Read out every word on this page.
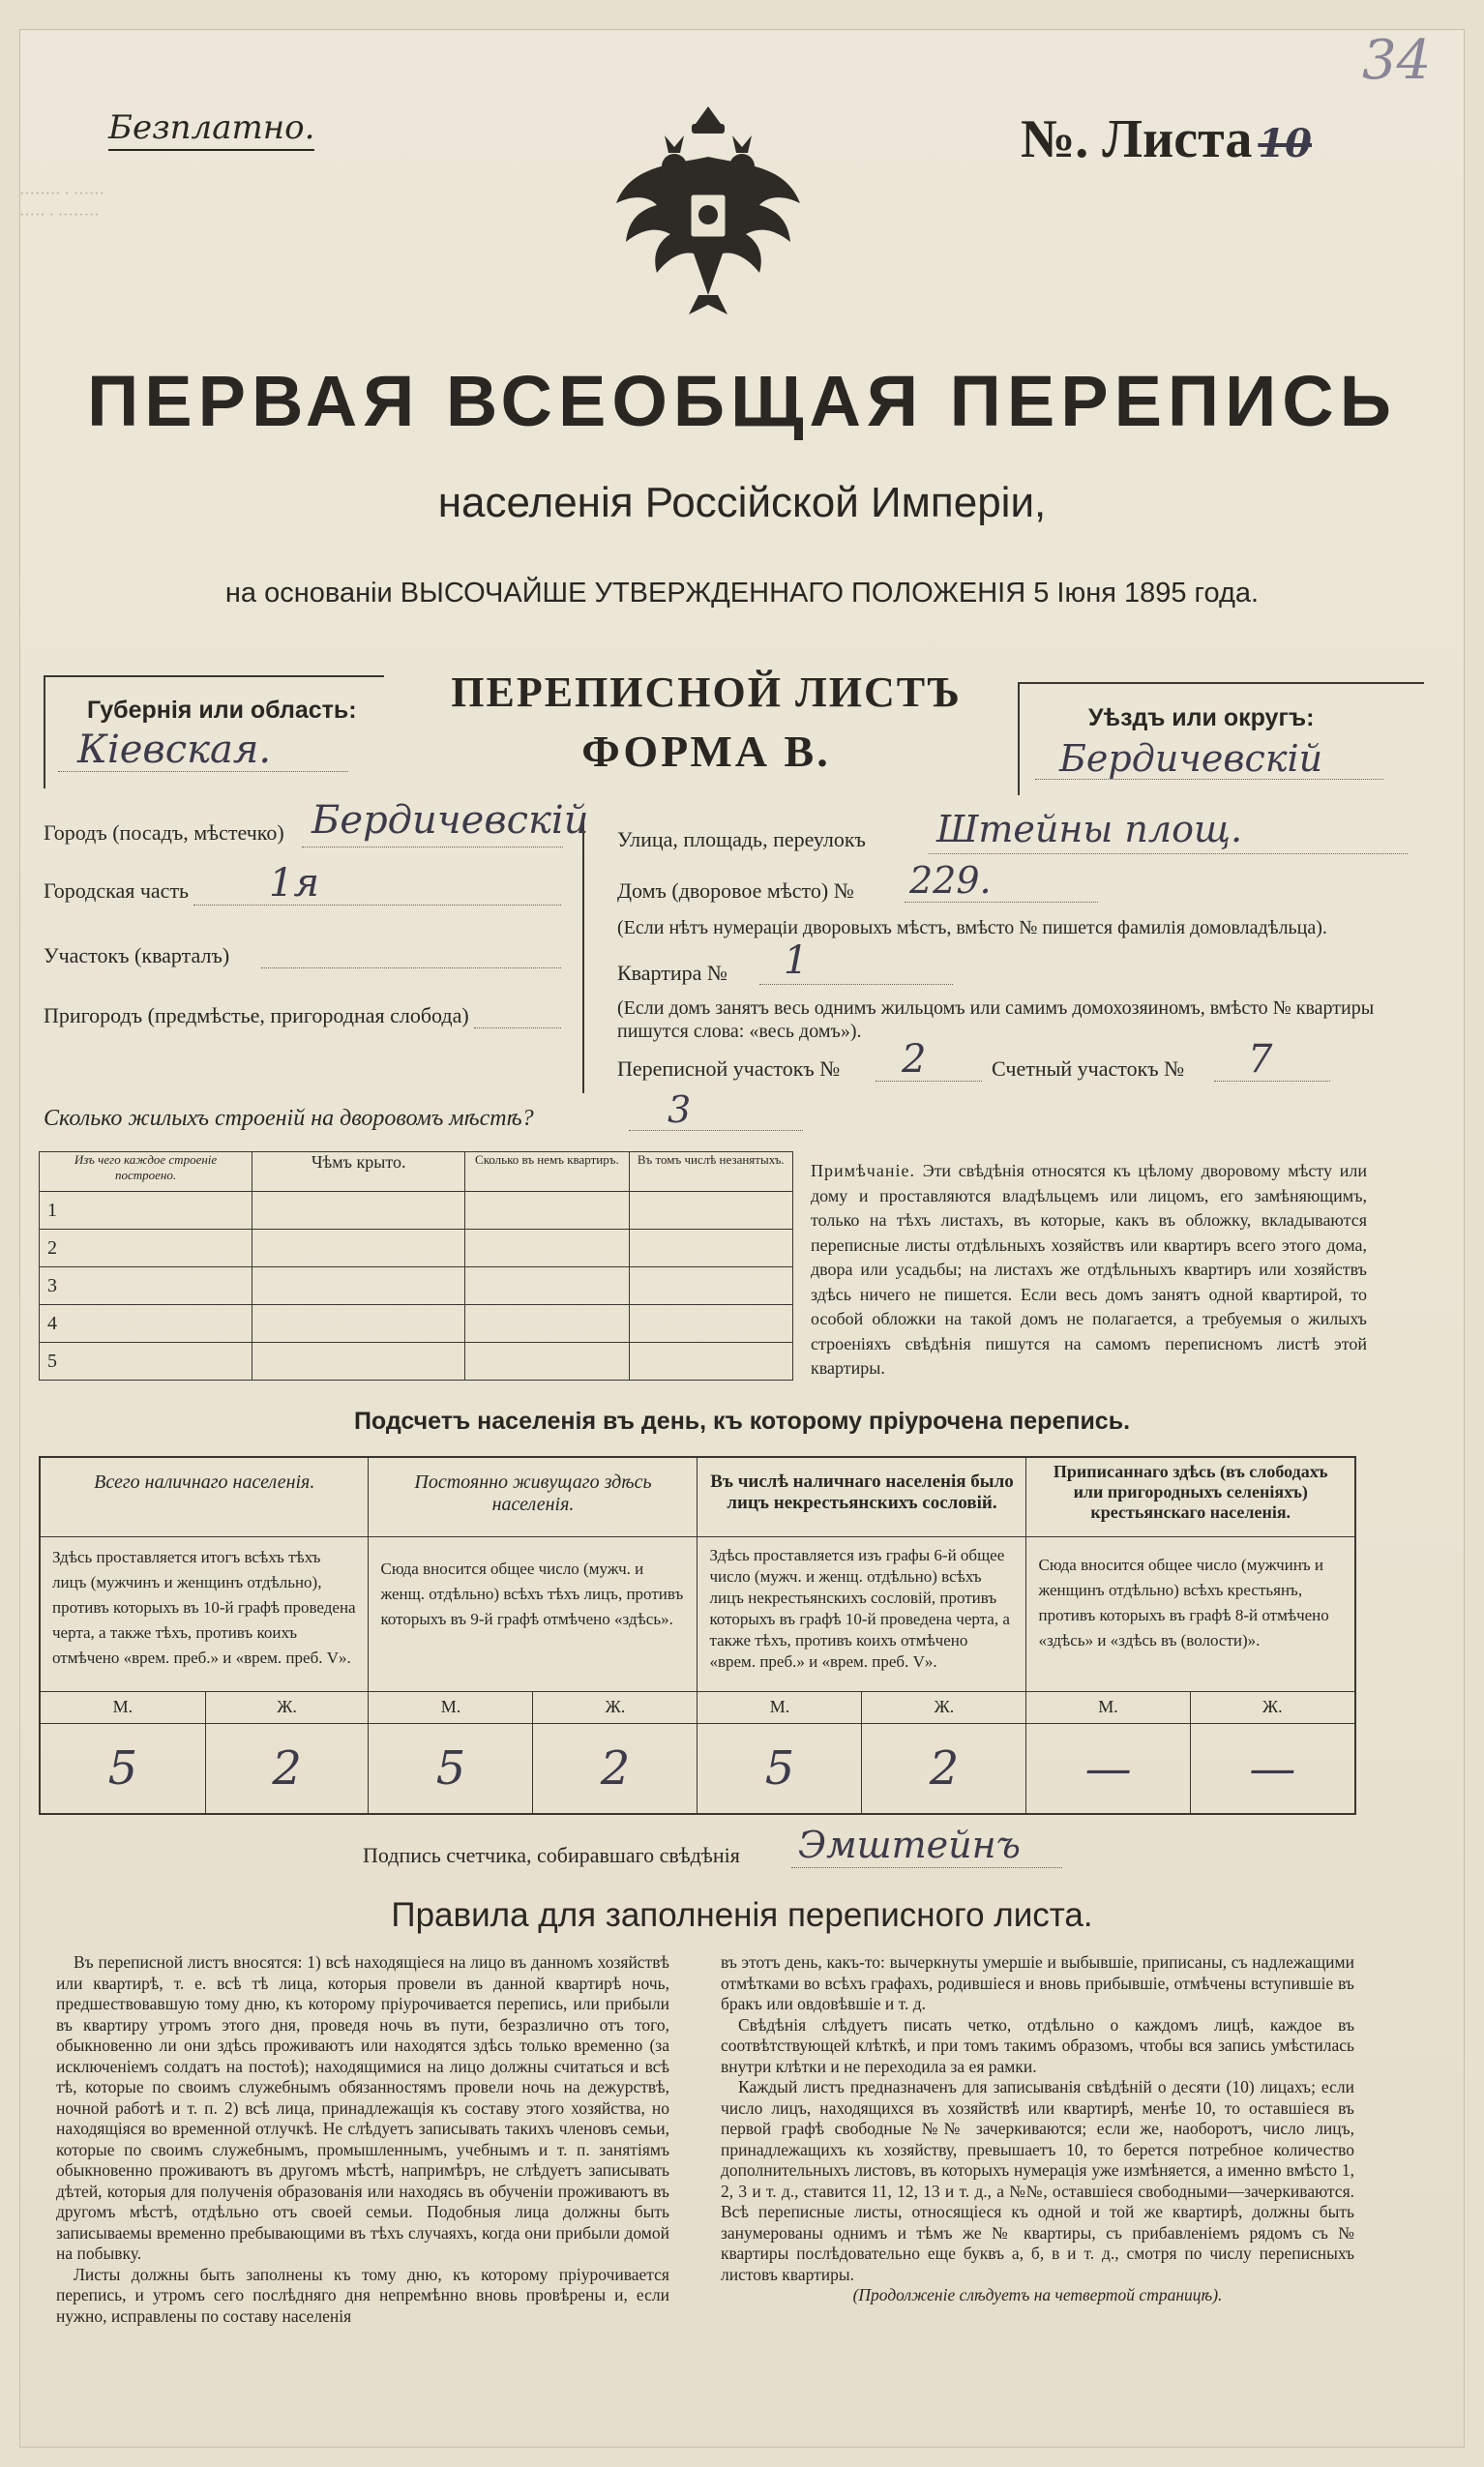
34
········ · ······
····· · ········
Безплатно.	№. Листа 10
ПЕРВАЯ ВСЕОБЩАЯ ПЕРЕПИСЬ
населенія Россійской Имперіи,
на основаніи ВЫСОЧАЙШЕ УТВЕРЖДЕННАГО ПОЛОЖЕНІЯ 5 Іюня 1895 года.
Губернія или область:
Кіевская.
ПЕРЕПИСНОЙ ЛИСТЪ
ФОРМА В.
Уѣздъ или округъ:
Бердичевскій
Городъ (посадъ, мѣстечко) Бердичевскій
Городская часть 1я
Участокъ (кварталъ)
Пригородъ (предмѣстье, пригородная слобода)
Улица, площадь, переулокъ Штейны площ.
Домъ (дворовое мѣсто) № 229.
(Если нѣтъ нумераціи дворовыхъ мѣстъ, вмѣсто № пишется фамилія домовладѣльца).
Квартира № 1
(Если домъ занятъ весь однимъ жильцомъ или самимъ домохозяиномъ, вмѣсто № квартиры пишутся слова: «весь домъ»).
Переписной участокъ № 2	Счетный участокъ № 7
Сколько жилыхъ строеній на дворовомъ мѣстѣ?	3
Изъ чего каждое строеніе построено.	Чѣмъ крыто.	Сколько въ немъ квартиръ.	Въ томъ числѣ незанятыхъ.
1			
2			
3			
4			
5			
Примѣчаніе. Эти свѣдѣнія относятся къ цѣлому дворовому мѣсту или дому и проставляются владѣльцемъ или лицомъ, его замѣняющимъ, только на тѣхъ листахъ, въ которые, какъ въ обложку, вкладываются переписные листы отдѣльныхъ хозяйствъ или квартиръ всего этого дома, двора или усадьбы; на листахъ же отдѣльныхъ квартиръ или хозяйствъ здѣсь ничего не пишется. Если весь домъ занятъ одной квартирой, то особой обложки на такой домъ не полагается, а требуемыя о жилыхъ строеніяхъ свѣдѣнія пишутся на самомъ переписномъ листѣ этой квартиры.
Подсчетъ населенія въ день, къ которому пріурочена перепись.
Всего наличнаго населенія.		Постоянно живущаго здѣсь населенія.		Въ числѣ наличнаго населенія было лицъ некрестьянскихъ сословій.		Приписаннаго здѣсь (въ слободахъ или пригородныхъ селеніяхъ) крестьянскаго населенія.	
Здѣсь проставляется итогъ всѣхъ тѣхъ лицъ (мужчинъ и женщинъ отдѣльно), противъ которыхъ въ 10-й графѣ проведена черта, а также тѣхъ, противъ коихъ отмѣчено «врем. преб.» и «врем. преб. V».		Сюда вносится общее число (мужч. и женщ. отдѣльно) всѣхъ тѣхъ лицъ, противъ которыхъ въ 9-й графѣ отмѣчено «здѣсь».		Здѣсь проставляется изъ графы 6-й общее число (мужч. и женщ. отдѣльно) всѣхъ лицъ некрестьянскихъ сословій, противъ которыхъ въ графѣ 10-й проведена черта, а также тѣхъ, противъ коихъ отмѣчено «врем. преб.» и «врем. преб. V».		Сюда вносится общее число (мужчинъ и женщинъ отдѣльно) всѣхъ крестьянъ, противъ которыхъ въ графѣ 8-й отмѣчено «здѣсь» и «здѣсь въ (волости)».	
М.	Ж.	М.	Ж.	М.	Ж.	М.	Ж.
5	2	5	2	5	2	—	—
Подпись счетчика, собиравшаго свѣдѣнія Эмштейнъ
Правила для заполненія переписного листа.
Въ переписной листъ вносятся: 1) всѣ находящіеся на лицо въ данномъ хозяйствѣ или квартирѣ, т. е. всѣ тѣ лица, которыя провели въ данной квартирѣ ночь, предшествовавшую тому дню, къ которому пріурочивается перепись, или прибыли въ квартиру утромъ этого дня, проведя ночь въ пути, безразлично отъ того, обыкновенно ли они здѣсь проживаютъ или находятся здѣсь только временно (за исключеніемъ солдатъ на постоѣ); находящимися на лицо должны считаться и всѣ тѣ, которые по своимъ служебнымъ обязанностямъ провели ночь на дежурствѣ, ночной работѣ и т. п. 2) всѣ лица, принадлежащія къ составу этого хозяйства, но находящіяся во временной отлучкѣ. Не слѣдуетъ записывать такихъ членовъ семьи, которые по своимъ служебнымъ, промышленнымъ, учебнымъ и т. п. занятіямъ обыкновенно проживаютъ въ другомъ мѣстѣ, напримѣръ, не слѣдуетъ записывать дѣтей, которыя для полученія образованія или находясь въ обученіи проживаютъ въ другомъ мѣстѣ, отдѣльно отъ своей семьи. Подобныя лица должны быть записываемы временно пребывающими въ тѣхъ случаяхъ, когда они прибыли домой на побывку.
Листы должны быть заполнены къ тому дню, къ которому пріурочивается перепись, и утромъ сего послѣдняго дня непремѣнно вновь провѣрены и, если нужно, исправлены по составу населенія
въ этотъ день, какъ-то: вычеркнуты умершіе и выбывшіе, приписаны, съ надлежащими отмѣтками во всѣхъ графахъ, родившіеся и вновь прибывшіе, отмѣчены вступившіе въ бракъ или овдовѣвшіе и т. д.
Свѣдѣнія слѣдуетъ писать четко, отдѣльно о каждомъ лицѣ, каждое въ соотвѣтствующей клѣткѣ, и при томъ такимъ образомъ, чтобы вся запись умѣстилась внутри клѣтки и не переходила за ея рамки.
Каждый листъ предназначенъ для записыванія свѣдѣній о десяти (10) лицахъ; если число лицъ, находящихся въ хозяйствѣ или квартирѣ, менѣе 10, то оставшіеся въ первой графѣ свободные №№ зачеркиваются; если же, наоборотъ, число лицъ, принадлежащихъ къ хозяйству, превышаетъ 10, то берется потребное количество дополнительныхъ листовъ, въ которыхъ нумерація уже измѣняется, а именно вмѣсто 1, 2, 3 и т. д., ставится 11, 12, 13 и т. д., а №№, оставшіеся свободными—зачеркиваются. Всѣ переписные листы, относящіеся къ одной и той же квартирѣ, должны быть занумерованы однимъ и тѣмъ же № квартиры, съ прибавленіемъ рядомъ съ № квартиры послѣдовательно еще буквъ а, б, в и т. д., смотря по числу переписныхъ листовъ квартиры.
(Продолженіе слѣдуетъ на четвертой страницѣ).
